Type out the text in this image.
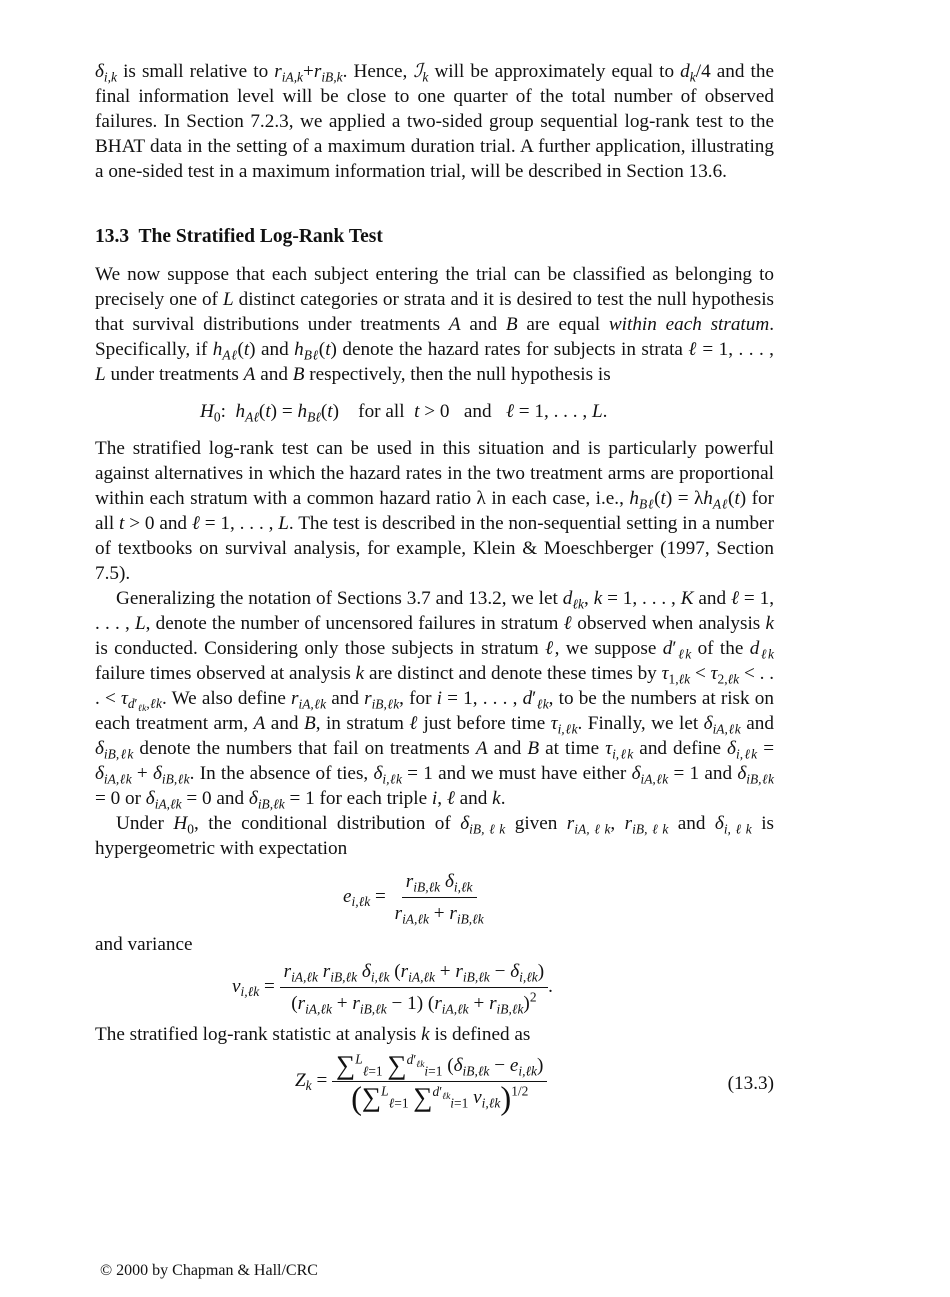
$\delta_{i,k}$ is small relative to $r_{iA,k}+r_{iB,k}$. Hence, ℐ$_k$ will be approximately equal to $d_k/4$ and the final information level will be close to one quarter of the total number of observed failures. In Section 7.2.3, we applied a two-sided group sequential log-rank test to the BHAT data in the setting of a maximum duration trial. A further application, illustrating a one-sided test in a maximum information trial, will be described in Section 13.6.

13.3 The Stratified Log-Rank Test

We now suppose that each subject entering the trial can be classified as belonging to precisely one of L distinct categories or strata and it is desired to test the null hypothesis that survival distributions under treatments A and B are equal within each stratum. Specifically, if $h_{A\ell}(t)$ and $h_{B\ell}(t)$ denote the hazard rates for subjects in strata ℓ = 1, . . . , L under treatments A and B respectively, then the null hypothesis is

$H_0$:  $h_{A\ell}(t) = h_{B\ell}(t)$    for all  t > 0   and   ℓ = 1, . . . , L.

The stratified log-rank test can be used in this situation and is particularly powerful against alternatives in which the hazard rates in the two treatment arms are proportional within each stratum with a common hazard ratio λ in each case, i.e., $h_{B\ell}(t) = \lambda h_{A\ell}(t)$ for all t > 0 and ℓ = 1, . . . , L. The test is described in the non-sequential setting in a number of textbooks on survival analysis, for example, Klein & Moeschberger (1997, Section 7.5).

Generalizing the notation of Sections 3.7 and 13.2, we let $d_{\ell k}$, k = 1, . . . , K and ℓ = 1, . . . , L, denote the number of uncensored failures in stratum ℓ observed when analysis k is conducted. Considering only those subjects in stratum ℓ, we suppose $d'_{\ell k}$ of the $d_{\ell k}$ failure times observed at analysis k are distinct and denote these times by $\tau_{1,\ell k} < \tau_{2,\ell k}$ < . . . < $\tau_{d'_{\ell k},\ell k}$. We also define $r_{iA,\ell k}$ and $r_{iB,\ell k}$, for i = 1, . . . , $d'_{\ell k}$, to be the numbers at risk on each treatment arm, A and B, in stratum ℓ just before time $\tau_{i,\ell k}$. Finally, we let $\delta_{iA,\ell k}$ and $\delta_{iB,\ell k}$ denote the numbers that fail on treatments A and B at time $\tau_{i,\ell k}$ and define $\delta_{i,\ell k} = \delta_{iA,\ell k} + \delta_{iB,\ell k}$. In the absence of ties, $\delta_{i,\ell k} = 1$ and we must have either $\delta_{iA,\ell k} = 1$ and $\delta_{iB,\ell k} = 0$ or $\delta_{iA,\ell k} = 0$ and $\delta_{iB,\ell k} = 1$ for each triple i, ℓ and k.

Under $H_0$, the conditional distribution of $\delta_{iB,\ell k}$ given $r_{iA,\ell k}$, $r_{iB,\ell k}$ and $\delta_{i,\ell k}$ is hypergeometric with expectation

$e_{i,\ell k} = \frac{r_{iB,\ell k} \delta_{i,\ell k}}{r_{iA,\ell k} + r_{iB,\ell k}}$

and variance

$v_{i,\ell k} = \frac{r_{iA,\ell k} r_{iB,\ell k} \delta_{i,\ell k} (r_{iA,\ell k} + r_{iB,\ell k} - \delta_{i,\ell k})}{(r_{iA,\ell k} + r_{iB,\ell k} - 1) (r_{iA,\ell k} + r_{iB,\ell k})^2}$ .

The stratified log-rank statistic at analysis k is defined as

$Z_k = \frac{\sum^L_{\ell=1} \sum^{d'_{\ell k}}_{i=1} (\delta_{iB,\ell k} - e_{i,\ell k})}{(\sum^L_{\ell=1} \sum^{d'_{\ell k}}_{i=1} v_{i,\ell k})^{1/2}}$	(13.3)
© 2000 by Chapman & Hall/CRC
